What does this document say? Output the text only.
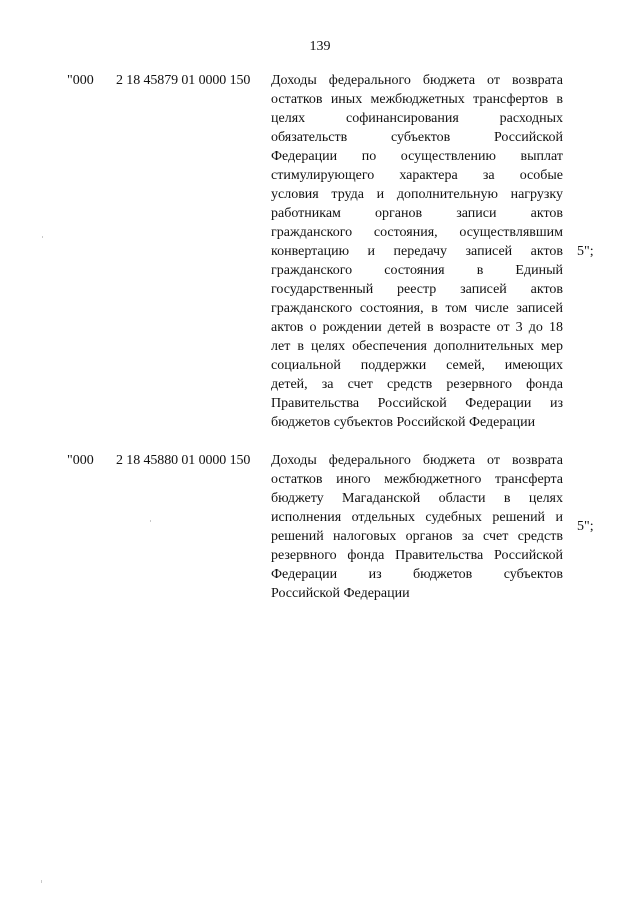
139
"000 2 18 45879 01 0000 150 Доходы федерального бюджета от возврата
остатков иных межбюджетных трансфертов в
целях софинансирования расходных
обязательств субъектов Российской
Федерации по осуществлению выплат
стимулирующего характера за особые
условия труда и дополнительную нагрузку
работникам органов записи актов
гражданского состояния, осуществлявшим
конвертацию и передачу записей актов
гражданского состояния в Единый
государственный реестр записей актов
гражданского состояния, в том числе записей
актов о рождении детей в возрасте от 3 до 18
лет в целях обеспечения дополнительных мер
социальной поддержки семей, имеющих
детей, за счет средств резервного фонда
Правительства Российской Федерации из
бюджетов субъектов Российской Федерации
5";
"000 2 18 45880 01 0000 150 Доходы федерального бюджета от возврата
остатков иного межбюджетного трансферта
бюджету Магаданской области в целях
исполнения отдельных судебных решений и
решений налоговых органов за счет средств
резервного фонда Правительства Российской
Федерации из бюджетов субъектов
Российской Федерации
5";
